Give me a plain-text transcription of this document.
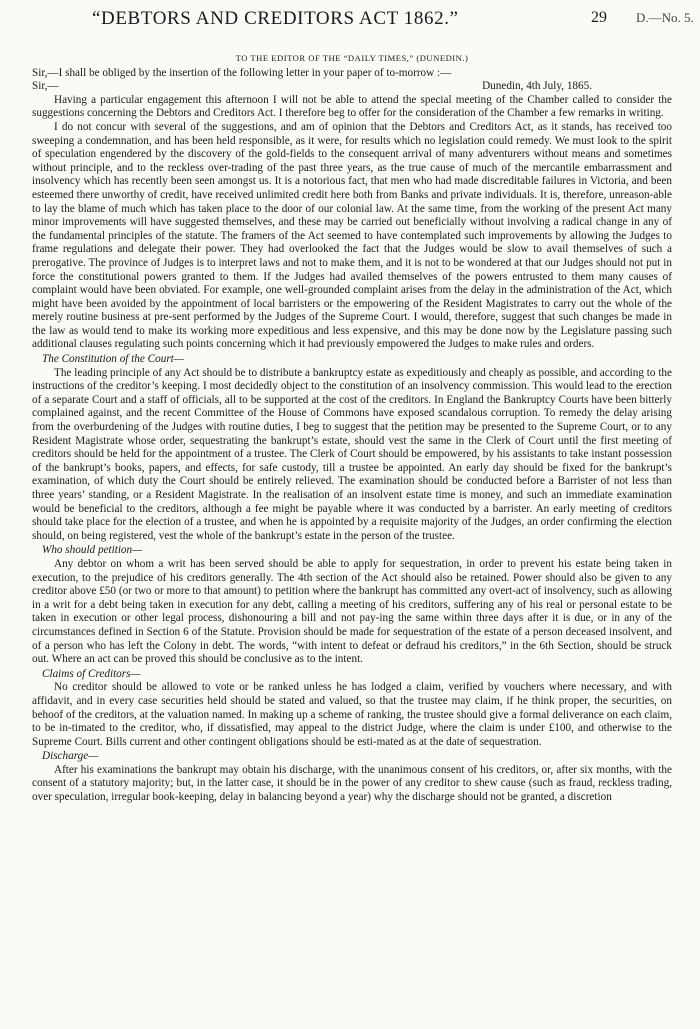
“DEBTORS AND CREDITORS ACT 1862.”	29 D.—No. 5.
TO THE EDITOR OF THE “DAILY TIMES,” (DUNEDIN.)
Sir,—I shall be obliged by the insertion of the following letter in your paper of to-morrow :—
Sir,—	Dunedin, 4th July, 1865.

Having a particular engagement this afternoon I will not be able to attend the special meeting of the Chamber called to consider the suggestions concerning the Debtors and Creditors Act. I therefore beg to offer for the consideration of the Chamber a few remarks in writing.

I do not concur with several of the suggestions, and am of opinion that the Debtors and Creditors Act, as it stands, has received too sweeping a condemnation, and has been held responsible, as it were, for results which no legislation could remedy. We must look to the spirit of speculation engendered by the discovery of the gold-fields to the consequent arrival of many adventurers without means and sometimes without principle, and to the reckless over-trading of the past three years, as the true cause of much of the mercantile embarrassment and insolvency which has recently been seen amongst us. It is a notorious fact, that men who had made discreditable failures in Victoria, and been esteemed there unworthy of credit, have received unlimited credit here both from Banks and private individuals. It is, therefore, unreason-able to lay the blame of much which has taken place to the door of our colonial law. At the same time, from the working of the present Act many minor improvements will have suggested themselves, and these may be carried out beneficially without involving a radical change in any of the fundamental principles of the statute. The framers of the Act seemed to have contemplated such improvements by allowing the Judges to frame regulations and delegate their power. They had overlooked the fact that the Judges would be slow to avail themselves of such a prerogative. The province of Judges is to interpret laws and not to make them, and it is not to be wondered at that our Judges should not put in force the constitutional powers granted to them. If the Judges had availed themselves of the powers entrusted to them many causes of complaint would have been obviated. For example, one well-grounded complaint arises from the delay in the administration of the Act, which might have been avoided by the appointment of local barristers or the empowering of the Resident Magistrates to carry out the whole of the merely routine business at pre-sent performed by the Judges of the Supreme Court. I would, therefore, suggest that such changes be made in the law as would tend to make its working more expeditious and less expensive, and this may be done now by the Legislature passing such additional clauses regulating such points concerning which it had previously empowered the Judges to make rules and orders.

The Constitution of the Court—

The leading principle of any Act should be to distribute a bankruptcy estate as expeditiously and cheaply as possible, and according to the instructions of the creditor’s keeping. I most decidedly object to the constitution of an insolvency commission. This would lead to the erection of a separate Court and a staff of officials, all to be supported at the cost of the creditors. In England the Bankruptcy Courts have been bitterly complained against, and the recent Committee of the House of Commons have exposed scandalous corruption. To remedy the delay arising from the overburdening of the Judges with routine duties, I beg to suggest that the petition may be presented to the Supreme Court, or to any Resident Magistrate whose order, sequestrating the bankrupt’s estate, should vest the same in the Clerk of Court until the first meeting of creditors should be held for the appointment of a trustee. The Clerk of Court should be empowered, by his assistants to take instant possession of the bankrupt’s books, papers, and effects, for safe custody, till a trustee be appointed. An early day should be fixed for the bankrupt’s examination, of which duty the Court should be entirely relieved. The examination should be conducted before a Barrister of not less than three years’ standing, or a Resident Magistrate. In the realisation of an insolvent estate time is money, and such an immediate examination would be beneficial to the creditors, although a fee might be payable where it was conducted by a barrister. An early meeting of creditors should take place for the election of a trustee, and when he is appointed by a requisite majority of the Judges, an order confirming the election should, on being registered, vest the whole of the bankrupt’s estate in the person of the trustee.

Who should petition—

Any debtor on whom a writ has been served should be able to apply for sequestration, in order to prevent his estate being taken in execution, to the prejudice of his creditors generally. The 4th section of the Act should also be retained. Power should also be given to any creditor above £50 (or two or more to that amount) to petition where the bankrupt has committed any overt-act of insolvency, such as allowing in a writ for a debt being taken in execution for any debt, calling a meeting of his creditors, suffering any of his real or personal estate to be taken in execution or other legal process, dishonouring a bill and not pay-ing the same within three days after it is due, or in any of the circumstances defined in Section 6 of the Statute. Provision should be made for sequestration of the estate of a person deceased insolvent, and of a person who has left the Colony in debt. The words, “with intent to defeat or defraud his creditors,” in the 6th Section, should be struck out. Where an act can be proved this should be conclusive as to the intent.

Claims of Creditors—

No creditor should be allowed to vote or be ranked unless he has lodged a claim, verified by vouchers where necessary, and with affidavit, and in every case securities held should be stated and valued, so that the trustee may claim, if he think proper, the securities, on behoof of the creditors, at the valuation named. In making up a scheme of ranking, the trustee should give a formal deliverance on each claim, to be in-timated to the creditor, who, if dissatisfied, may appeal to the district Judge, where the claim is under £100, and otherwise to the Supreme Court. Bills current and other contingent obligations should be esti-mated as at the date of sequestration.

Discharge—

After his examinations the bankrupt may obtain his discharge, with the unanimous consent of his creditors, or, after six months, with the consent of a statutory majority; but, in the latter case, it should be in the power of any creditor to shew cause (such as fraud, reckless trading, over speculation, irregular book-keeping, delay in balancing beyond a year) why the discharge should not be granted, a discretion
